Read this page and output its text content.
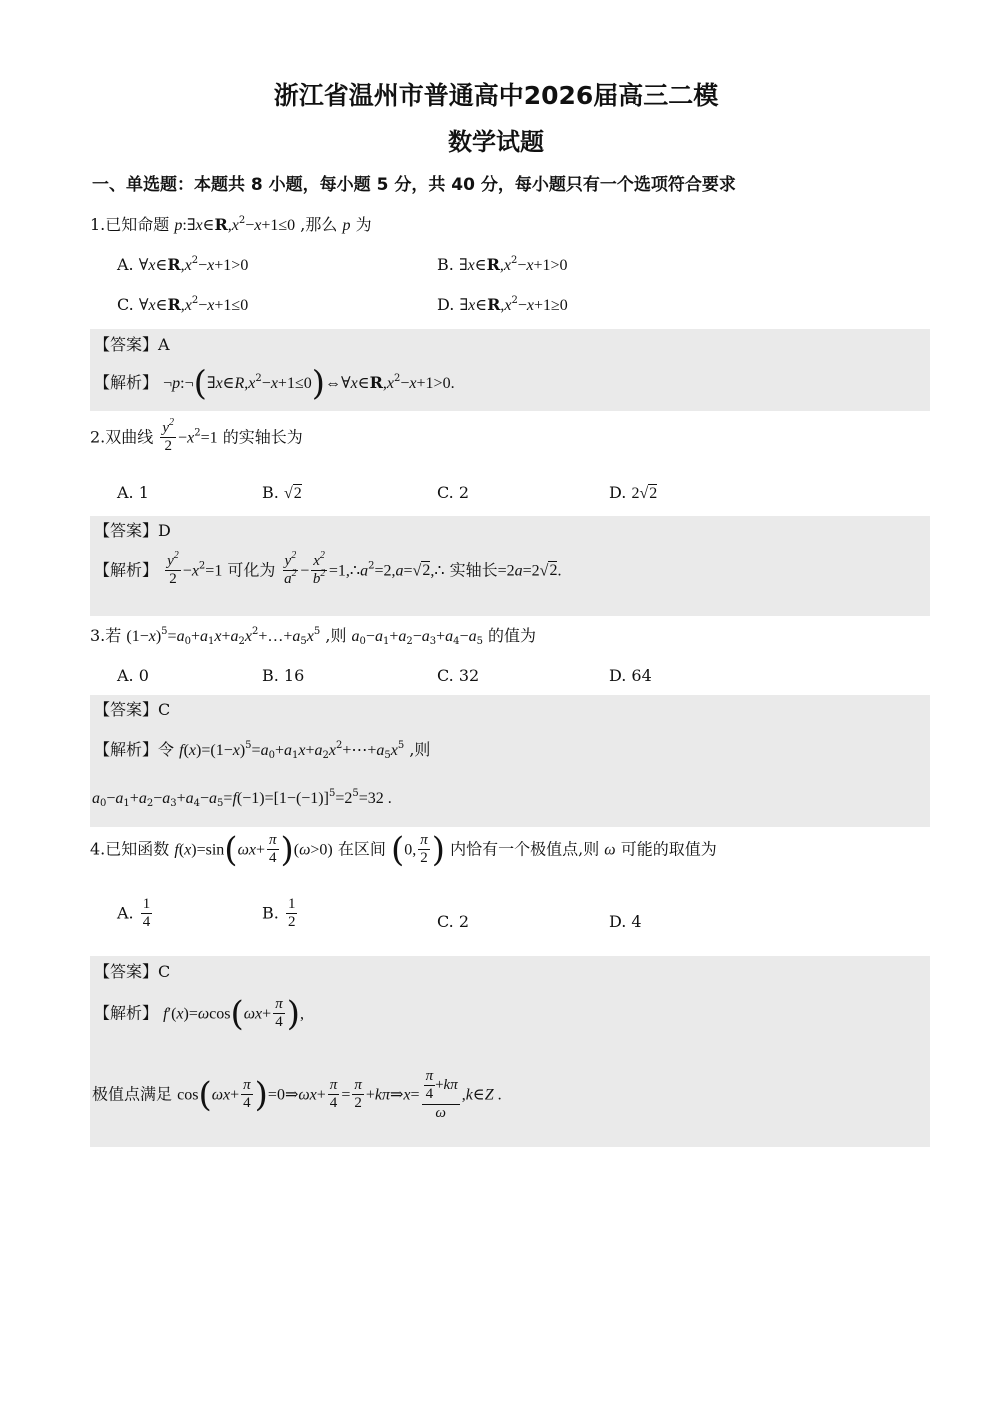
浙江省温州市普通高中2026届高三二模
数学试题
一、单选题：本题共 8 小题，每小题 5 分，共 40 分，每小题只有一个选项符合要求
1.已知命题 $p:\exists x\in R,x^2-x+1\le 0$ ,那么 p 为
A. $\forall x\in R,x^2-x+1>0$	B. $\exists x\in R,x^2-x+1>0$
C. $\forall x\in R,x^2-x+1\le 0$	D. $\exists x\in R,x^2-x+1\ge 0$
【答案】A
【解析】 $\neg p:\neg(\exists x\in R,x^2-x+1\le 0)\Leftrightarrow\forall x\in R,x^2-x+1>0$.
2.双曲线 $\frac{y^2}{2} -x^2=1$ 的实轴长为
A. 1	B. √2	C. 2	D. 2√2
【答案】D
【解析】 $\frac{y^2}{2} -x^2=1$ 可化为 $\frac{y^2}{a^2} - \frac{x^2}{b^2}$ $=1,\therefore a^2=2,a=√2,\therefore$ 实轴长=2a=2√2.
3.若 $(1-x)^5=a_0+a_1x+a_2x^2+\dots+a_5x^5$ ,则 $a_0-a_1+a_2-a_3+a_4-a_5$ 的值为
A. 0	B. 16	C. 32	D. 64
【答案】C
【解析】令 $f(x)=(1-x)^5=a_0+a_1x+a_2x^2+\cdots+a_5x^5$ ,则
$a_0-a_1+a_2-a_3+a_4-a_5=f(-1)=[1-(-1)]^5=2^5=32$ .
4.已知函数 $f(x)=\sin(\omega x+ \frac{\pi}{4} )(\omega>0)$ 在区间 (0, $\frac{\pi}{2}$ ) 内恰有一个极值点,则 ω 可能的取值为
A. $\frac{1}{4}$	B. $\frac{1}{2}$	C. 2	D. 4
【答案】C
【解析】 $f'(x)=\omega\cos(\omega x+ \frac{\pi}{4}$ ),
极值点满足 $\cos(\omega x+ \frac{\pi}{4}$ )=0⇒ωx+ $\frac{\pi}{4} = \frac{\pi}{2}$ +kπ⇒x= $\frac{\frac{\pi}{4} +k\pi}{\omega}$ ,k∈Z .
